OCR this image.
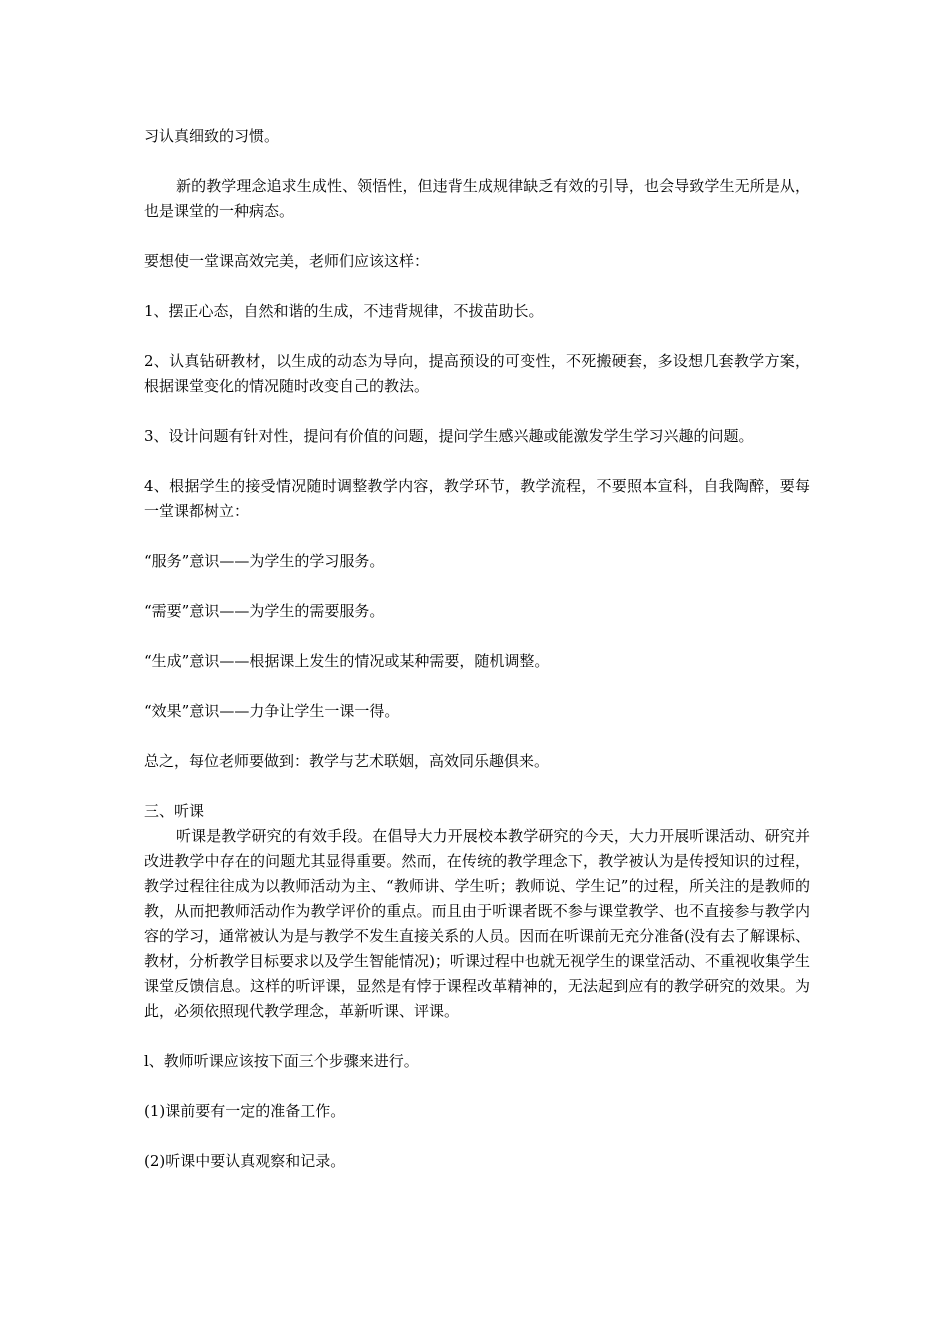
习认真细致的习惯。

新的教学理念追求生成性、领悟性，但违背生成规律缺乏有效的引导，也会导致学生无所是从，也是课堂的一种病态。

要想使一堂课高效完美，老师们应该这样：

1、摆正心态，自然和谐的生成，不违背规律，不拔苗助长。

2、认真钻研教材，以生成的动态为导向，提高预设的可变性，不死搬硬套，多设想几套教学方案，根据课堂变化的情况随时改变自己的教法。

3、设计问题有针对性，提问有价值的问题，提问学生感兴趣或能激发学生学习兴趣的问题。

4、根据学生的接受情况随时调整教学内容，教学环节，教学流程，不要照本宣科，自我陶醉，要每一堂课都树立：

“服务”意识——为学生的学习服务。

“需要”意识——为学生的需要服务。

“生成”意识——根据课上发生的情况或某种需要，随机调整。

“效果”意识——力争让学生一课一得。

总之，每位老师要做到：教学与艺术联姻，高效同乐趣俱来。

三、听课

听课是教学研究的有效手段。在倡导大力开展校本教学研究的今天，大力开展听课活动、研究并改进教学中存在的问题尤其显得重要。然而，在传统的教学理念下，教学被认为是传授知识的过程，教学过程往往成为以教师活动为主、“教师讲、学生听；教师说、学生记”的过程，所关注的是教师的教，从而把教师活动作为教学评价的重点。而且由于听课者既不参与课堂教学、也不直接参与教学内容的学习，通常被认为是与教学不发生直接关系的人员。因而在听课前无充分准备(没有去了解课标、教材，分析教学目标要求以及学生智能情况)；听课过程中也就无视学生的课堂活动、不重视收集学生课堂反馈信息。这样的听评课，显然是有悖于课程改革精神的，无法起到应有的教学研究的效果。为此，必须依照现代教学理念，革新听课、评课。

l、教师听课应该按下面三个步骤来进行。

(1)课前要有一定的准备工作。

(2)听课中要认真观察和记录。
